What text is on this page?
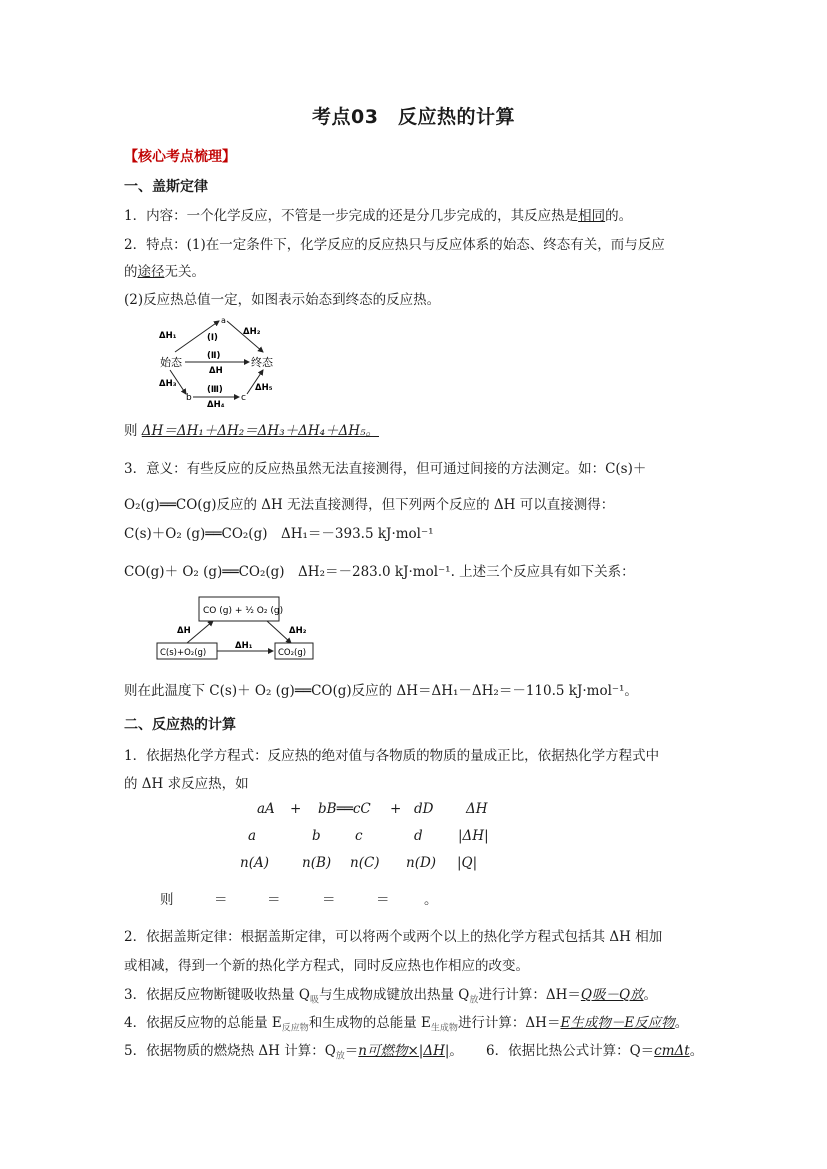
考点03　反应热的计算
【核心考点梳理】
一、盖斯定律
1．内容：一个化学反应，不管是一步完成的还是分几步完成的，其反应热是相同的。
2．特点：(1)在一定条件下，化学反应的反应热只与反应体系的始态、终态有关，而与反应
的途径无关。
(2)反应热总值一定，如图表示始态到终态的反应热。
始态	终态
a
b	c
ΔH₁	ΔH₂
(Ⅰ)
(Ⅱ)
ΔH
ΔH₃
(Ⅲ)
ΔH₄
ΔH₅
则 ΔH＝ΔH₁＋ΔH₂＝ΔH₃＋ΔH₄＋ΔH₅。
3．意义：有些反应的反应热虽然无法直接测得，但可通过间接的方法测定。如：C(s)＋
O₂(g)══CO(g)反应的 ΔH 无法直接测得，但下列两个反应的 ΔH 可以直接测得：
C(s)＋O₂ (g)══CO₂(g)　ΔH₁＝－393.5 kJ·mol⁻¹
CO(g)＋ O₂ (g)══CO₂(g)　ΔH₂＝－283.0 kJ·mol⁻¹. 上述三个反应具有如下关系：
CO (g) + ½ O₂ (g)
C(s)+O₂(g)	CO₂(g)
ΔH
ΔH₁
ΔH₂
则在此温度下 C(s)＋ O₂ (g)══CO(g)反应的 ΔH＝ΔH₁－ΔH₂＝－110.5 kJ·mol⁻¹。
二、反应热的计算
1．依据热化学方程式：反应热的绝对值与各物质的物质的量成正比，依据热化学方程式中
的 ΔH 求反应热，如
aA + bB══cC + dD ΔH
a	b	c	d	|ΔH|
n(A) n(B) n(C) n(D) |Q|
则	＝	＝	＝	＝	。
2．依据盖斯定律：根据盖斯定律，可以将两个或两个以上的热化学方程式包括其 ΔH 相加
或相减，得到一个新的热化学方程式，同时反应热也作相应的改变。
3．依据反应物断键吸收热量 $Q_吸$与生成物成键放出热量 $Q_放$进行计算：ΔH＝Q吸－Q放。
4．依据反应物的总能量 $E_{反应物}$和生成物的总能量 $E_{生成物}$进行计算：ΔH＝E生成物－E反应物。
5．依据物质的燃烧热 ΔH 计算：$Q_放=n$可燃物×|ΔH|。 6．依据比热公式计算：Q＝cmΔt。
